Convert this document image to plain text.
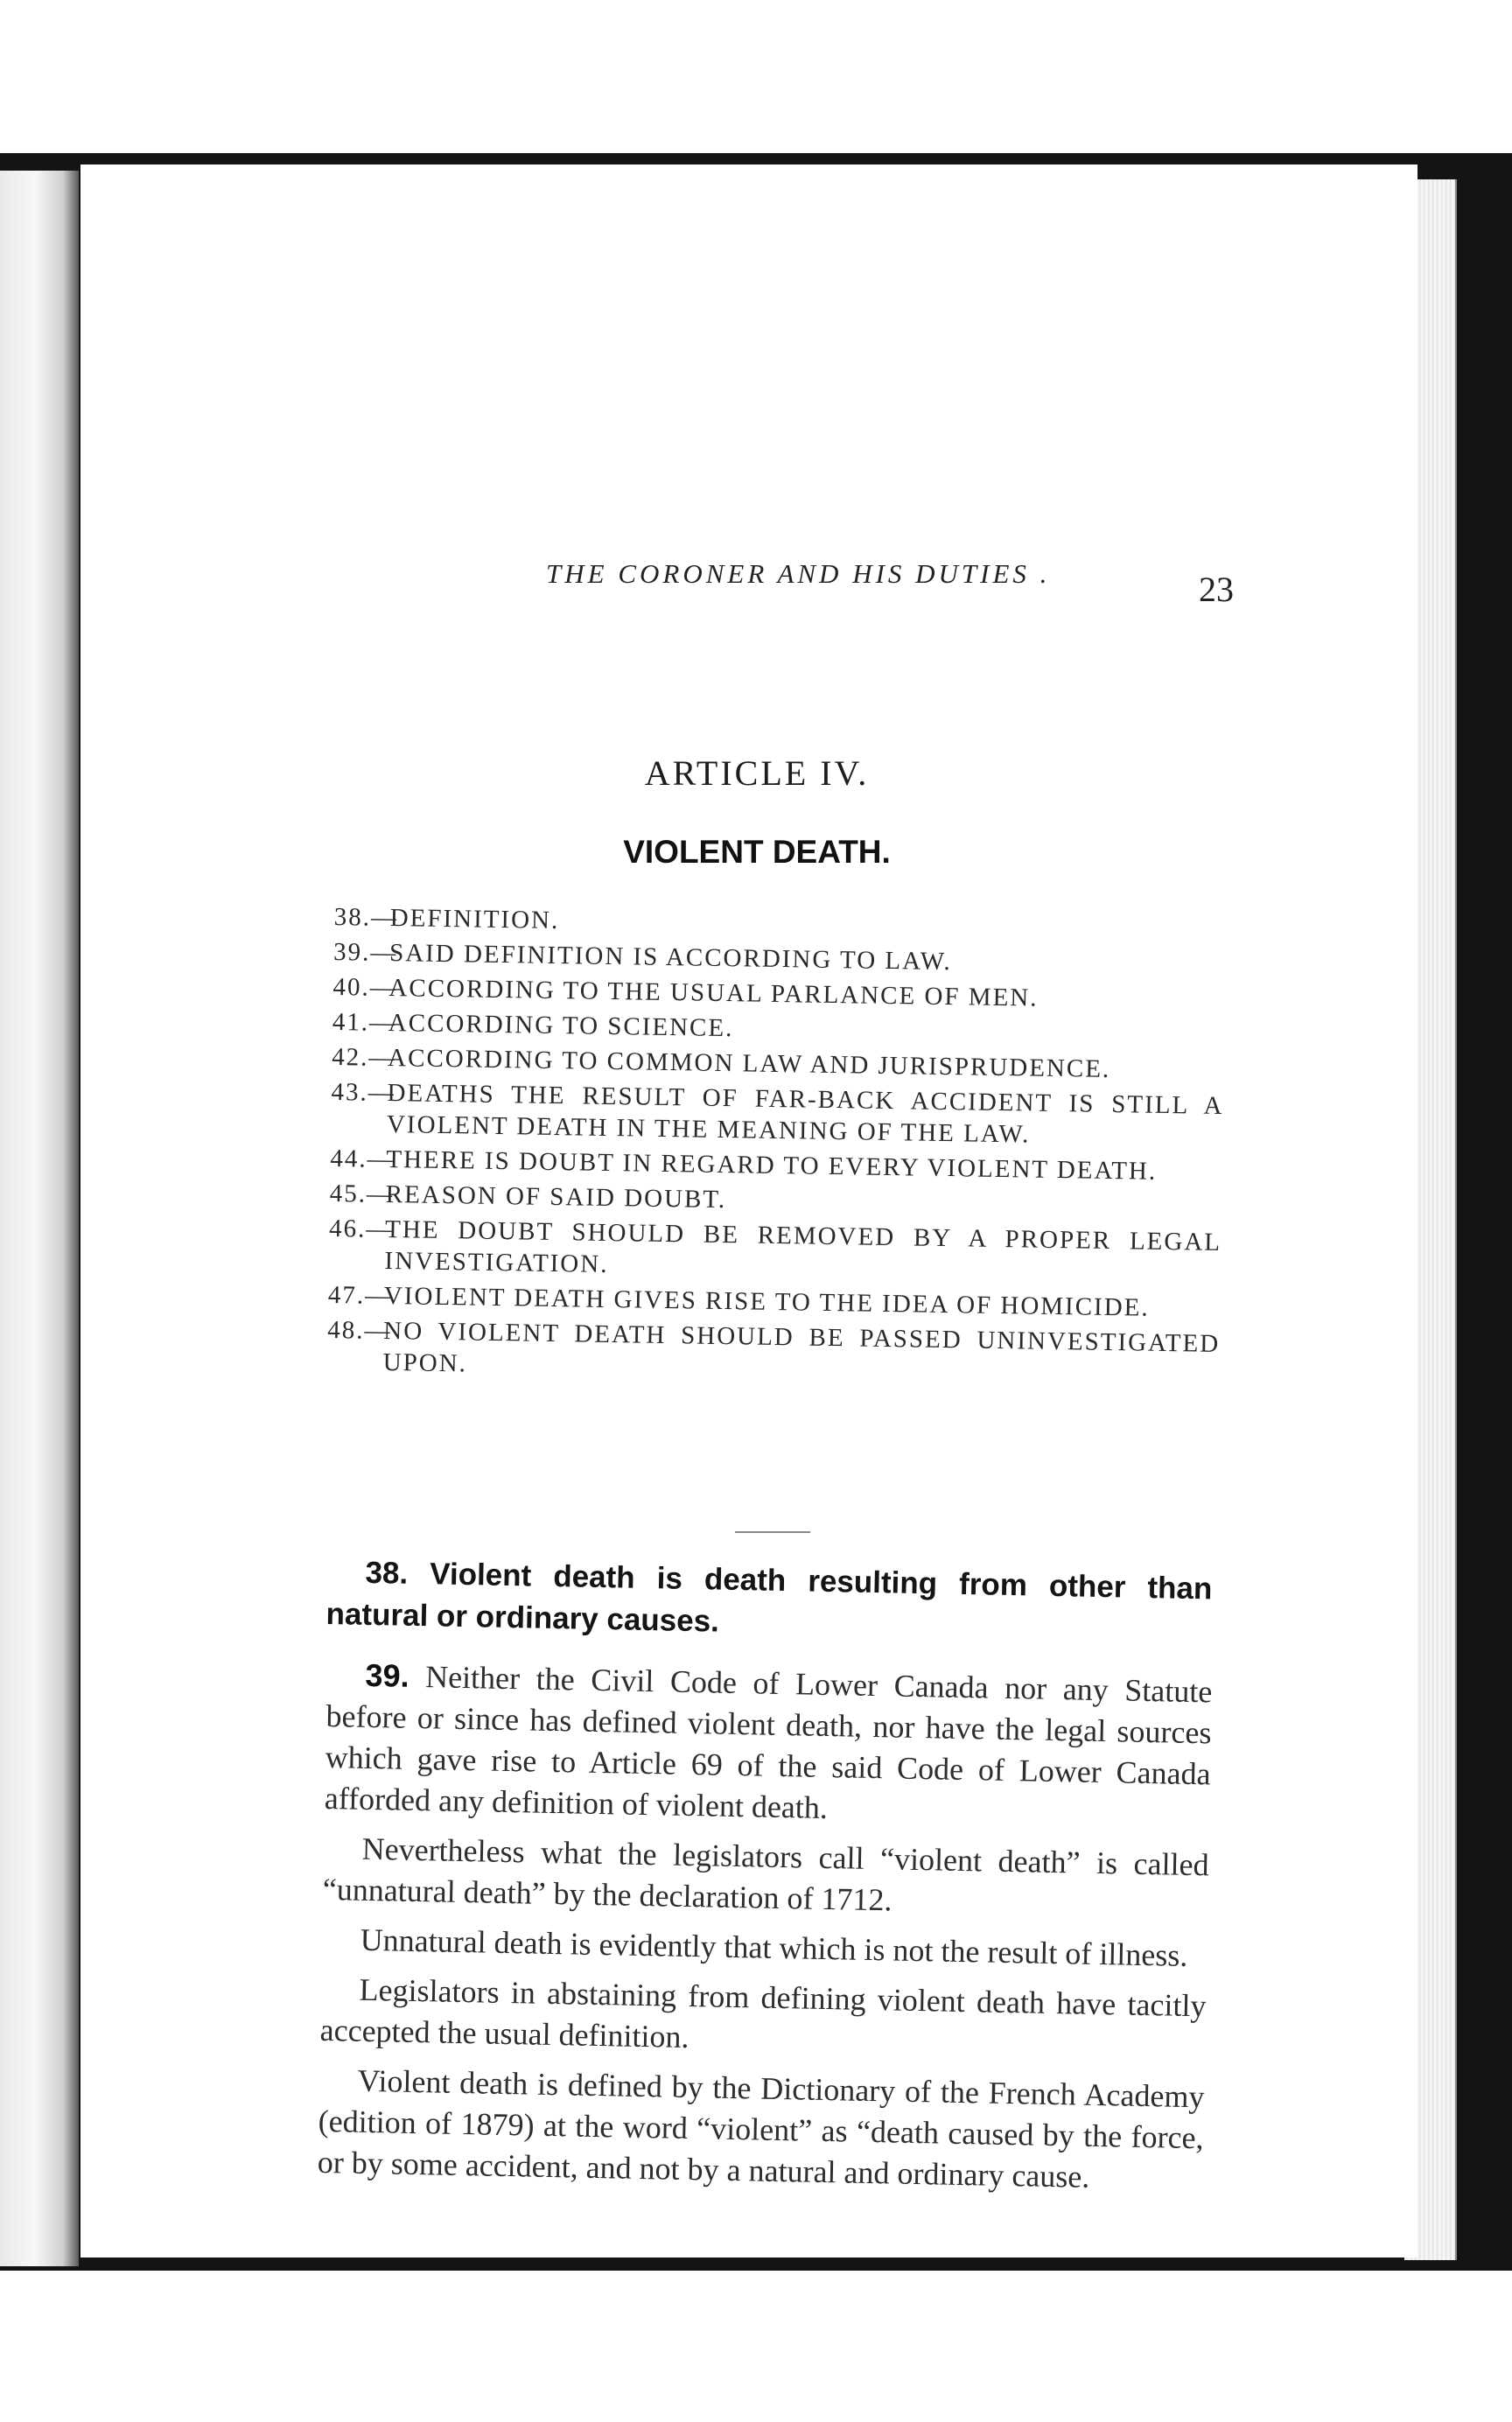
THE CORONER AND HIS DUTIES .	23
ARTICLE IV.
VIOLENT DEATH.
38.—
DEFINITION.
39.—
SAID DEFINITION IS ACCORDING TO LAW.
40.—
ACCORDING TO THE USUAL PARLANCE OF MEN.
41.—
ACCORDING TO SCIENCE.
42.—
ACCORDING TO COMMON LAW AND JURISPRUDENCE.
43.—
DEATHS THE RESULT OF FAR-BACK ACCIDENT IS STILL A VIOLENT DEATH IN THE MEANING OF THE LAW.
44.—
THERE IS DOUBT IN REGARD TO EVERY VIOLENT DEATH.
45.—
REASON OF SAID DOUBT.
46.—
THE DOUBT SHOULD BE REMOVED BY A PROPER LEGAL INVESTIGATION.
47.—
VIOLENT DEATH GIVES RISE TO THE IDEA OF HOMICIDE.
48.—
NO VIOLENT DEATH SHOULD BE PASSED UNINVESTIGATED UPON.

38. Violent death is death resulting from other than natural or ordinary causes.

39. Neither the Civil Code of Lower Canada nor any Statute before or since has defined violent death, nor have the legal sources which gave rise to Article 69 of the said Code of Lower Canada afforded any definition of violent death.

Nevertheless what the legislators call “violent death” is called “unnatural death” by the declaration of 1712.

Unnatural death is evidently that which is not the result of illness.

Legislators in abstaining from defining violent death have tacitly accepted the usual definition.

Violent death is defined by the Dictionary of the French Academy (edition of 1879) at the word “violent” as “death caused by the force, or by some accident, and not by a natural and ordinary cause.
